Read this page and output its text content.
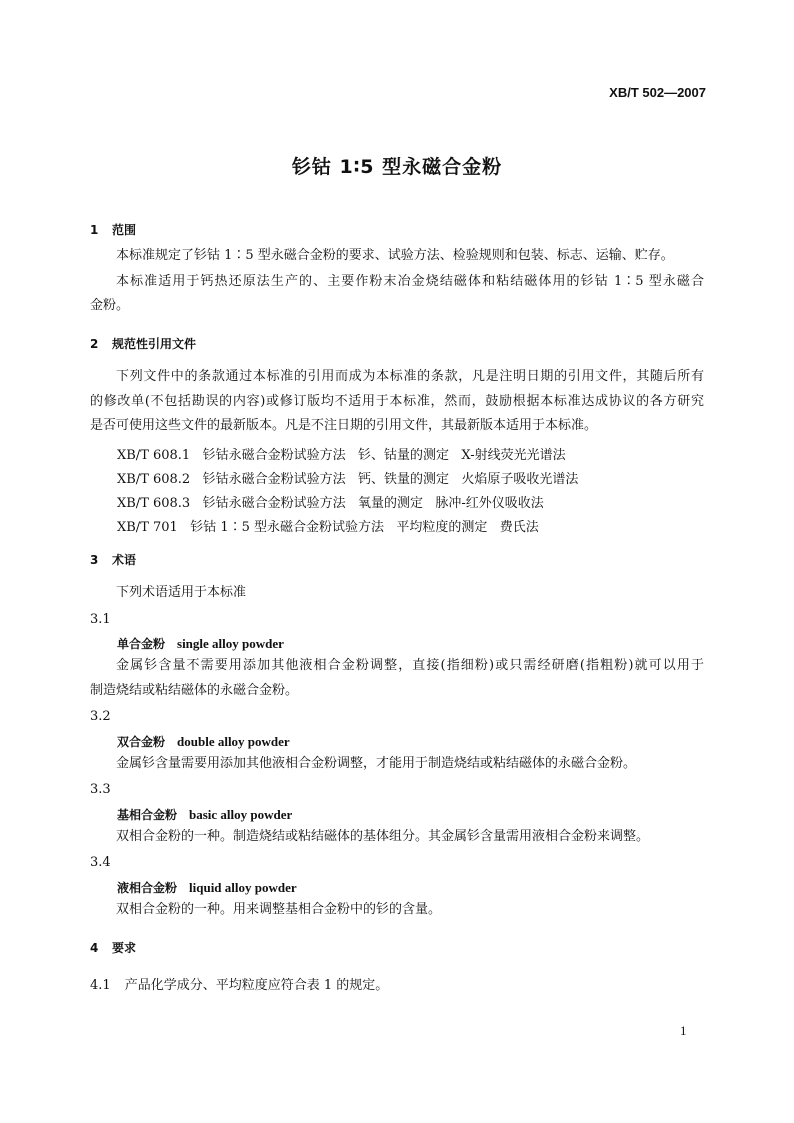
XB/T 502—2007
钐钴 1∶5 型永磁合金粉
1 范围
本标准规定了钐钴 1∶5 型永磁合金粉的要求、试验方法、检验规则和包装、标志、运输、贮存。
本标准适用于钙热还原法生产的、主要作粉末冶金烧结磁体和粘结磁体用的钐钴 1∶5 型永磁合
金粉。
2 规范性引用文件
下列文件中的条款通过本标准的引用而成为本标准的条款，凡是注明日期的引用文件，其随后所有
的修改单(不包括勘误的内容)或修订版均不适用于本标准，然而，鼓励根据本标准达成协议的各方研究
是否可使用这些文件的最新版本。凡是不注日期的引用文件，其最新版本适用于本标准。
XB/T 608.1   钐钴永磁合金粉试验方法   钐、钴量的测定   X-射线荧光光谱法
XB/T 608.2   钐钴永磁合金粉试验方法   钙、铁量的测定   火焰原子吸收光谱法
XB/T 608.3   钐钴永磁合金粉试验方法   氧量的测定   脉冲-红外仪吸收法
XB/T 701   钐钴 1∶5 型永磁合金粉试验方法   平均粒度的测定   费氏法
3 术语
下列术语适用于本标准
3.1
单合金粉 single alloy powder
金属钐含量不需要用添加其他液相合金粉调整，直接(指细粉)或只需经研磨(指粗粉)就可以用于
制造烧结或粘结磁体的永磁合金粉。
3.2
双合金粉 double alloy powder
金属钐含量需要用添加其他液相合金粉调整，才能用于制造烧结或粘结磁体的永磁合金粉。
3.3
基相合金粉 basic alloy powder
双相合金粉的一种。制造烧结或粘结磁体的基体组分。其金属钐含量需用液相合金粉来调整。
3.4
液相合金粉 liquid alloy powder
双相合金粉的一种。用来调整基相合金粉中的钐的含量。
4 要求
4.1 产品化学成分、平均粒度应符合表 1 的规定。
1
